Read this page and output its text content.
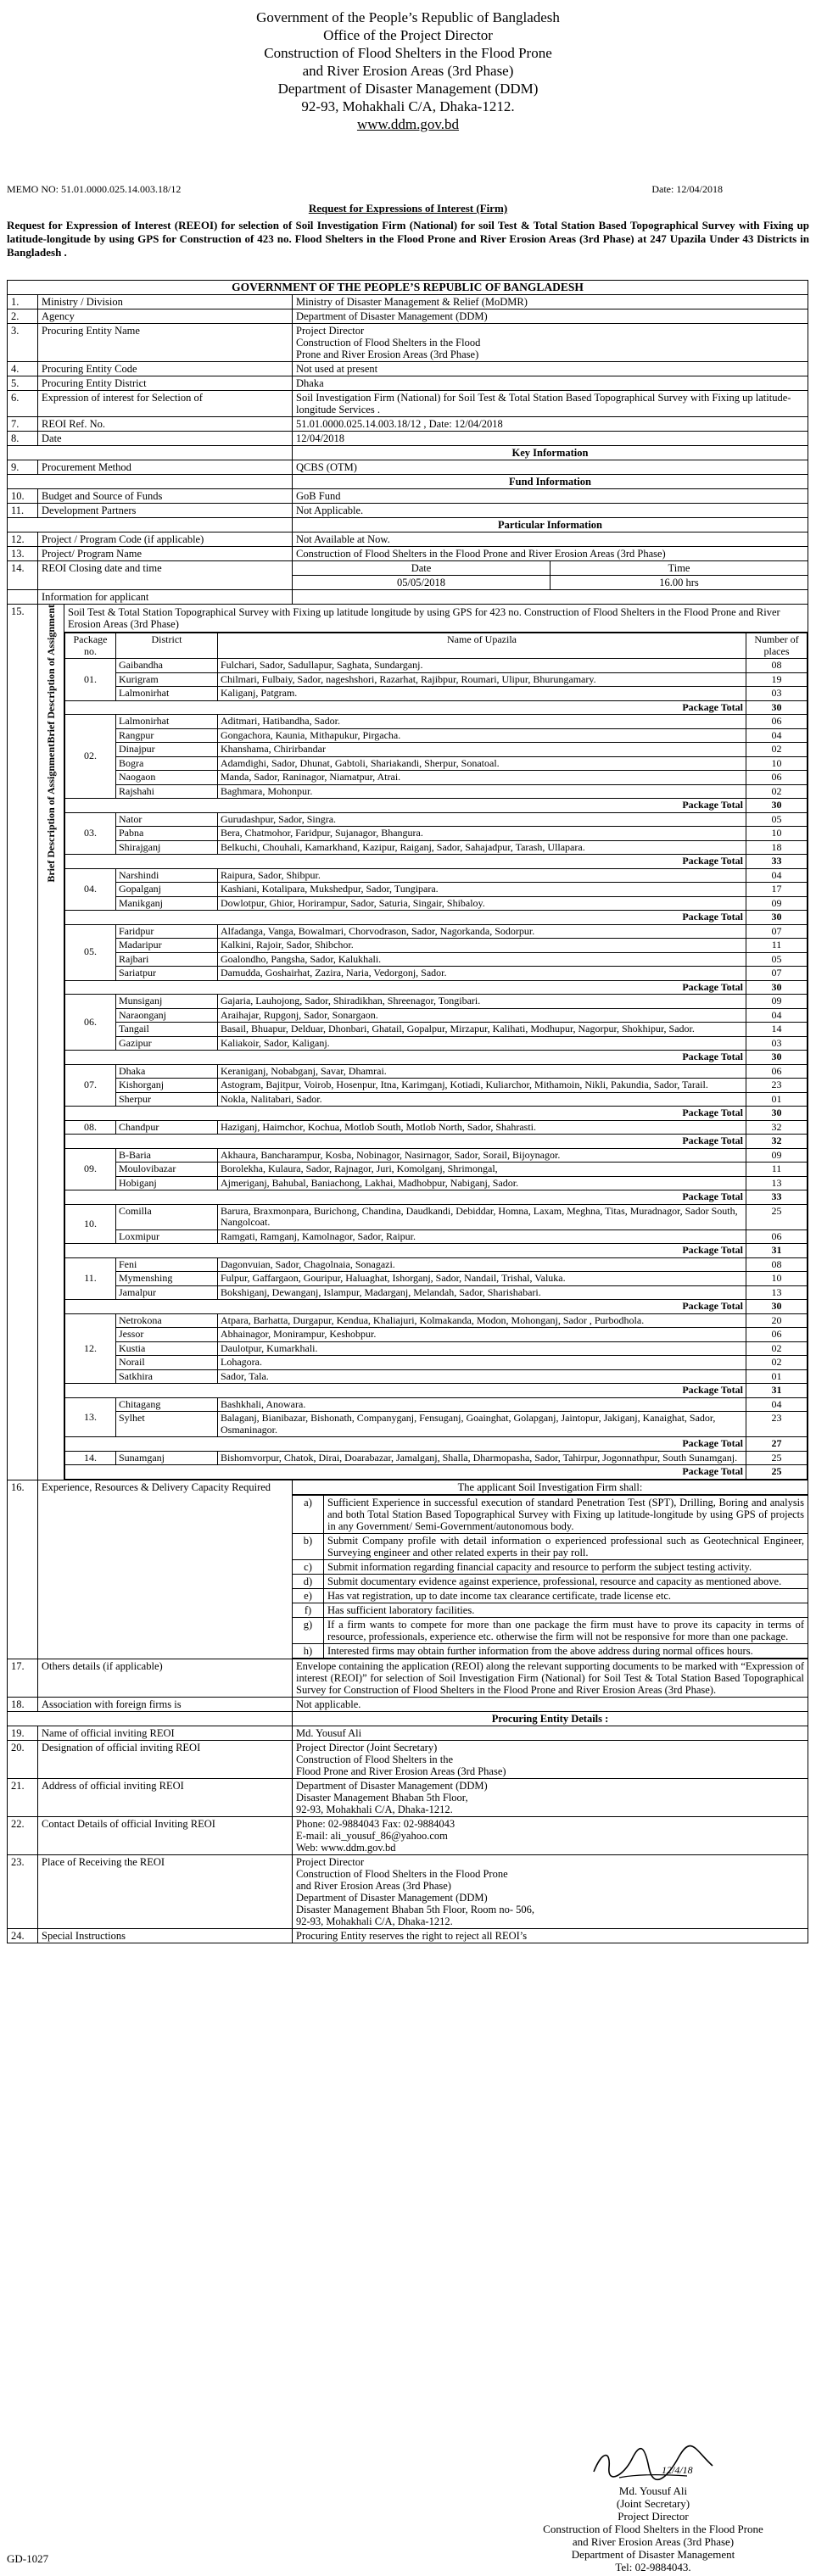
Government of the People’s Republic of Bangladesh
Office of the Project Director
Construction of Flood Shelters in the Flood Prone
and River Erosion Areas (3rd Phase)
Department of Disaster Management (DDM)
92-93, Mohakhali C/A, Dhaka-1212.
www.ddm.gov.bd
MEMO NO: 51.01.0000.025.14.003.18/12	Date: 12/04/2018
Request for Expressions of Interest (Firm)
Request for Expression of Interest (REEOI) for selection of Soil Investigation Firm (National) for soil Test & Total Station Based Topographical Survey with Fixing up latitude-longitude by using GPS for Construction of 423 no. Flood Shelters in the Flood Prone and River Erosion Areas (3rd Phase) at 247 Upazila Under 43 Districts in Bangladesh .
GOVERNMENT OF THE PEOPLE’S REPUBLIC OF BANGLADESH
1.	Ministry / Division	Ministry of Disaster Management & Relief (MoDMR)
2.	Agency	Department of Disaster Management (DDM)
3.	Procuring Entity Name	Project Director
Construction of Flood Shelters in the Flood
Prone and River Erosion Areas (3rd Phase)
4.	Procuring Entity Code	Not used at present
5.	Procuring Entity District	Dhaka
6.	Expression of interest for Selection of	Soil Investigation Firm (National) for Soil Test & Total Station Based Topographical Survey with Fixing up latitude-longitude Services .
7.	REOI Ref. No.	51.01.0000.025.14.003.18/12 , Date: 12/04/2018
8.	Date	12/04/2018
		Key Information
9.	Procurement Method	QCBS (OTM)
		Fund Information
10.	Budget and Source of Funds	GoB Fund
11.	Development Partners	Not Applicable.
		Particular Information
12.	Project / Program Code (if applicable)	Not Available at Now.
13.	Project/ Program Name	Construction of Flood Shelters in the Flood Prone and River Erosion Areas (3rd Phase)
14.	REOI Closing date and time		Date	Time
05/05/2018	16.00 hrs

	Information for applicant	
15.	Brief Description of Assignment
Brief Description of Assignment

Soil Test & Total Station Topographical Survey with Fixing up latitude longitude by using GPS for 423 no. Construction of Flood Shelters in the Flood Prone and River Erosion Areas (3rd Phase)
Package no.	District	Name of Upazila	Number of places
01.	Gaibandha	Fulchari, Sador, Sadullapur, Saghata, Sundarganj.	08
Kurigram	Chilmari, Fulbaiy, Sador, nageshshori, Razarhat, Rajibpur, Roumari, Ulipur, Bhurungamary.	19
Lalmonirhat	Kaliganj, Patgram.	03
Package Total	30
02.	Lalmonirhat	Aditmari, Hatibandha, Sador.	06
Rangpur	Gongachora, Kaunia, Mithapukur, Pirgacha.	04
Dinajpur	Khanshama, Chirirbandar	02
Bogra	Adamdighi, Sador, Dhunat, Gabtoli, Shariakandi, Sherpur, Sonatoal.	10
Naogaon	Manda, Sador, Raninagor, Niamatpur, Atrai.	06
Rajshahi	Baghmara, Mohonpur.	02
Package Total	30
03.	Nator	Gurudashpur, Sador, Singra.	05
Pabna	Bera, Chatmohor, Faridpur, Sujanagor, Bhangura.	10
Shirajganj	Belkuchi, Chouhali, Kamarkhand, Kazipur, Raiganj, Sador, Sahajadpur, Tarash, Ullapara.	18
Package Total	33
04.	Narshindi	Raipura, Sador, Shibpur.	04
Gopalganj	Kashiani, Kotalipara, Mukshedpur, Sador, Tungipara.	17
Manikganj	Dowlotpur, Ghior, Horirampur, Sador, Saturia, Singair, Shibaloy.	09
Package Total	30
05.	Faridpur	Alfadanga, Vanga, Bowalmari, Chorvodrason, Sador, Nagorkanda, Sodorpur.	07
Madaripur	Kalkini, Rajoir, Sador, Shibchor.	11
Rajbari	Goalondho, Pangsha, Sador, Kalukhali.	05
Sariatpur	Damudda, Goshairhat, Zazira, Naria, Vedorgonj, Sador.	07
Package Total	30
06.	Munsiganj	Gajaria, Lauhojong, Sador, Shiradikhan, Shreenagor, Tongibari.	09
Naraonganj	Araihajar, Rupgonj, Sador, Sonargaon.	04
Tangail	Basail, Bhuapur, Delduar, Dhonbari, Ghatail, Gopalpur, Mirzapur, Kalihati, Modhupur, Nagorpur, Shokhipur, Sador.	14
Gazipur	Kaliakoir, Sador, Kaliganj.	03
Package Total	30
07.	Dhaka	Keraniganj, Nobabganj, Savar, Dhamrai.	06
Kishorganj	Astogram, Bajitpur, Voirob, Hosenpur, Itna, Karimganj, Kotiadi, Kuliarchor, Mithamoin, Nikli, Pakundia, Sador, Tarail.	23
Sherpur	Nokla, Nalitabari, Sador.	01
Package Total	30
08.	Chandpur	Haziganj, Haimchor, Kochua, Motlob South, Motlob North, Sador, Shahrasti.	32
Package Total	32
09.	B-Baria	Akhaura, Bancharampur, Kosba, Nobinagor, Nasirnagor, Sador, Sorail, Bijoynagor.	09
Moulovibazar	Borolekha, Kulaura, Sador, Rajnagor, Juri, Komolganj, Shrimongal,	11
Hobiganj	Ajmeriganj, Bahubal, Baniachong, Lakhai, Madhobpur, Nabiganj, Sador.	13
Package Total	33
10.	Comilla	Barura, Braxmonpara, Burichong, Chandina, Daudkandi, Debiddar, Homna, Laxam, Meghna, Titas, Muradnagor, Sador South, Nangolcoat.	25
Loxmipur	Ramgati, Ramganj, Kamolnagor, Sador, Raipur.	06
Package Total	31
11.	Feni	Dagonvuian, Sador, Chagolnaia, Sonagazi.	08
Mymenshing	Fulpur, Gaffargaon, Gouripur, Haluaghat, Ishorganj, Sador, Nandail, Trishal, Valuka.	10
Jamalpur	Bokshiganj, Dewanganj, Islampur, Madarganj, Melandah, Sador, Sharishabari.	13
Package Total	30
12.	Netrokona	Atpara, Barhatta, Durgapur, Kendua, Khaliajuri, Kolmakanda, Modon, Mohonganj, Sador , Purbodhola.	20
Jessor	Abhainagor, Monirampur, Keshobpur.	06
Kustia	Daulotpur, Kumarkhali.	02
Norail	Lohagora.	02
Satkhira	Sador, Tala.	01
Package Total	31
13.	Chitagang	Bashkhali, Anowara.	04
Sylhet	Balaganj, Bianibazar, Bishonath, Companyganj, Fensuganj, Goainghat, Golapganj, Jaintopur, Jakiganj, Kanaighat, Sador, Osmaninagor.	23
Package Total	27
14.	Sunamganj	Bishomvorpur, Chatok, Dirai, Doarabazar, Jamalganj, Shalla, Dharmopasha, Sador, Tahirpur, Jogonnathpur, South Sunamganj.	25
Package Total	25

16.	Experience, Resources & Delivery Capacity Required	The applicant Soil Investigation Firm shall:
a)	Sufficient Experience in successful execution of standard Penetration Test (SPT), Drilling, Boring and analysis and both Total Station Based Topographical Survey with Fixing up latitude-longitude by using GPS of projects in any Government/ Semi-Government/autonomous body.
b)	Submit Company profile with detail information o experienced professional such as Geotechnical Engineer, Surveying engineer and other related experts in their pay roll.
c)	Submit information regarding financial capacity and resource to perform the subject testing activity.
d)	Submit documentary evidence against experience, professional, resource and capacity as mentioned above.
e)	Has vat registration, up to date income tax clearance certificate, trade license etc.
f)	Has sufficient laboratory facilities.
g)	If a firm wants to compete for more than one package the firm must have to prove its capacity in terms of resource, professionals, experience etc. otherwise the firm will not be responsive for more than one package.
h)	Interested firms may obtain further information from the above address during normal offices hours.

17.	Others details (if applicable)	Envelope containing the application (REOI) along the relevant supporting documents to be marked with “Expression of interest (REOI)” for selection of Soil Investigation Firm (National) for Soil Test & Total Station Based Topographical Survey for Construction of Flood Shelters in the Flood Prone and River Erosion Areas (3rd Phase).
18.	Association with foreign firms is	Not applicable.
		Procuring Entity Details :
19.	Name of official inviting REOI	Md. Yousuf Ali
20.	Designation of official inviting REOI	Project Director (Joint Secretary)
Construction of Flood Shelters in the
Flood Prone and River Erosion Areas (3rd Phase)
21.	Address of official inviting REOI	Department of Disaster Management (DDM)
Disaster Management Bhaban 5th Floor,
92-93, Mohakhali C/A, Dhaka-1212.
22.	Contact Details of official Inviting REOI	Phone: 02-9884043 Fax: 02-9884043
E-mail: ali_yousuf_86@yahoo.com
Web: www.ddm.gov.bd
23.	Place of Receiving the REOI	Project Director
Construction of Flood Shelters in the Flood Prone
and River Erosion Areas (3rd Phase)
Department of Disaster Management (DDM)
Disaster Management Bhaban 5th Floor, Room no- 506,
92-93, Mohakhali C/A, Dhaka-1212.
24.	Special Instructions	Procuring Entity reserves the right to reject all REOI’s
12/4/18
Md. Yousuf Ali
(Joint Secretary)
Project Director
Construction of Flood Shelters in the Flood Prone
and River Erosion Areas (3rd Phase)
Department of Disaster Management
Tel: 02-9884043.
GD-1027
